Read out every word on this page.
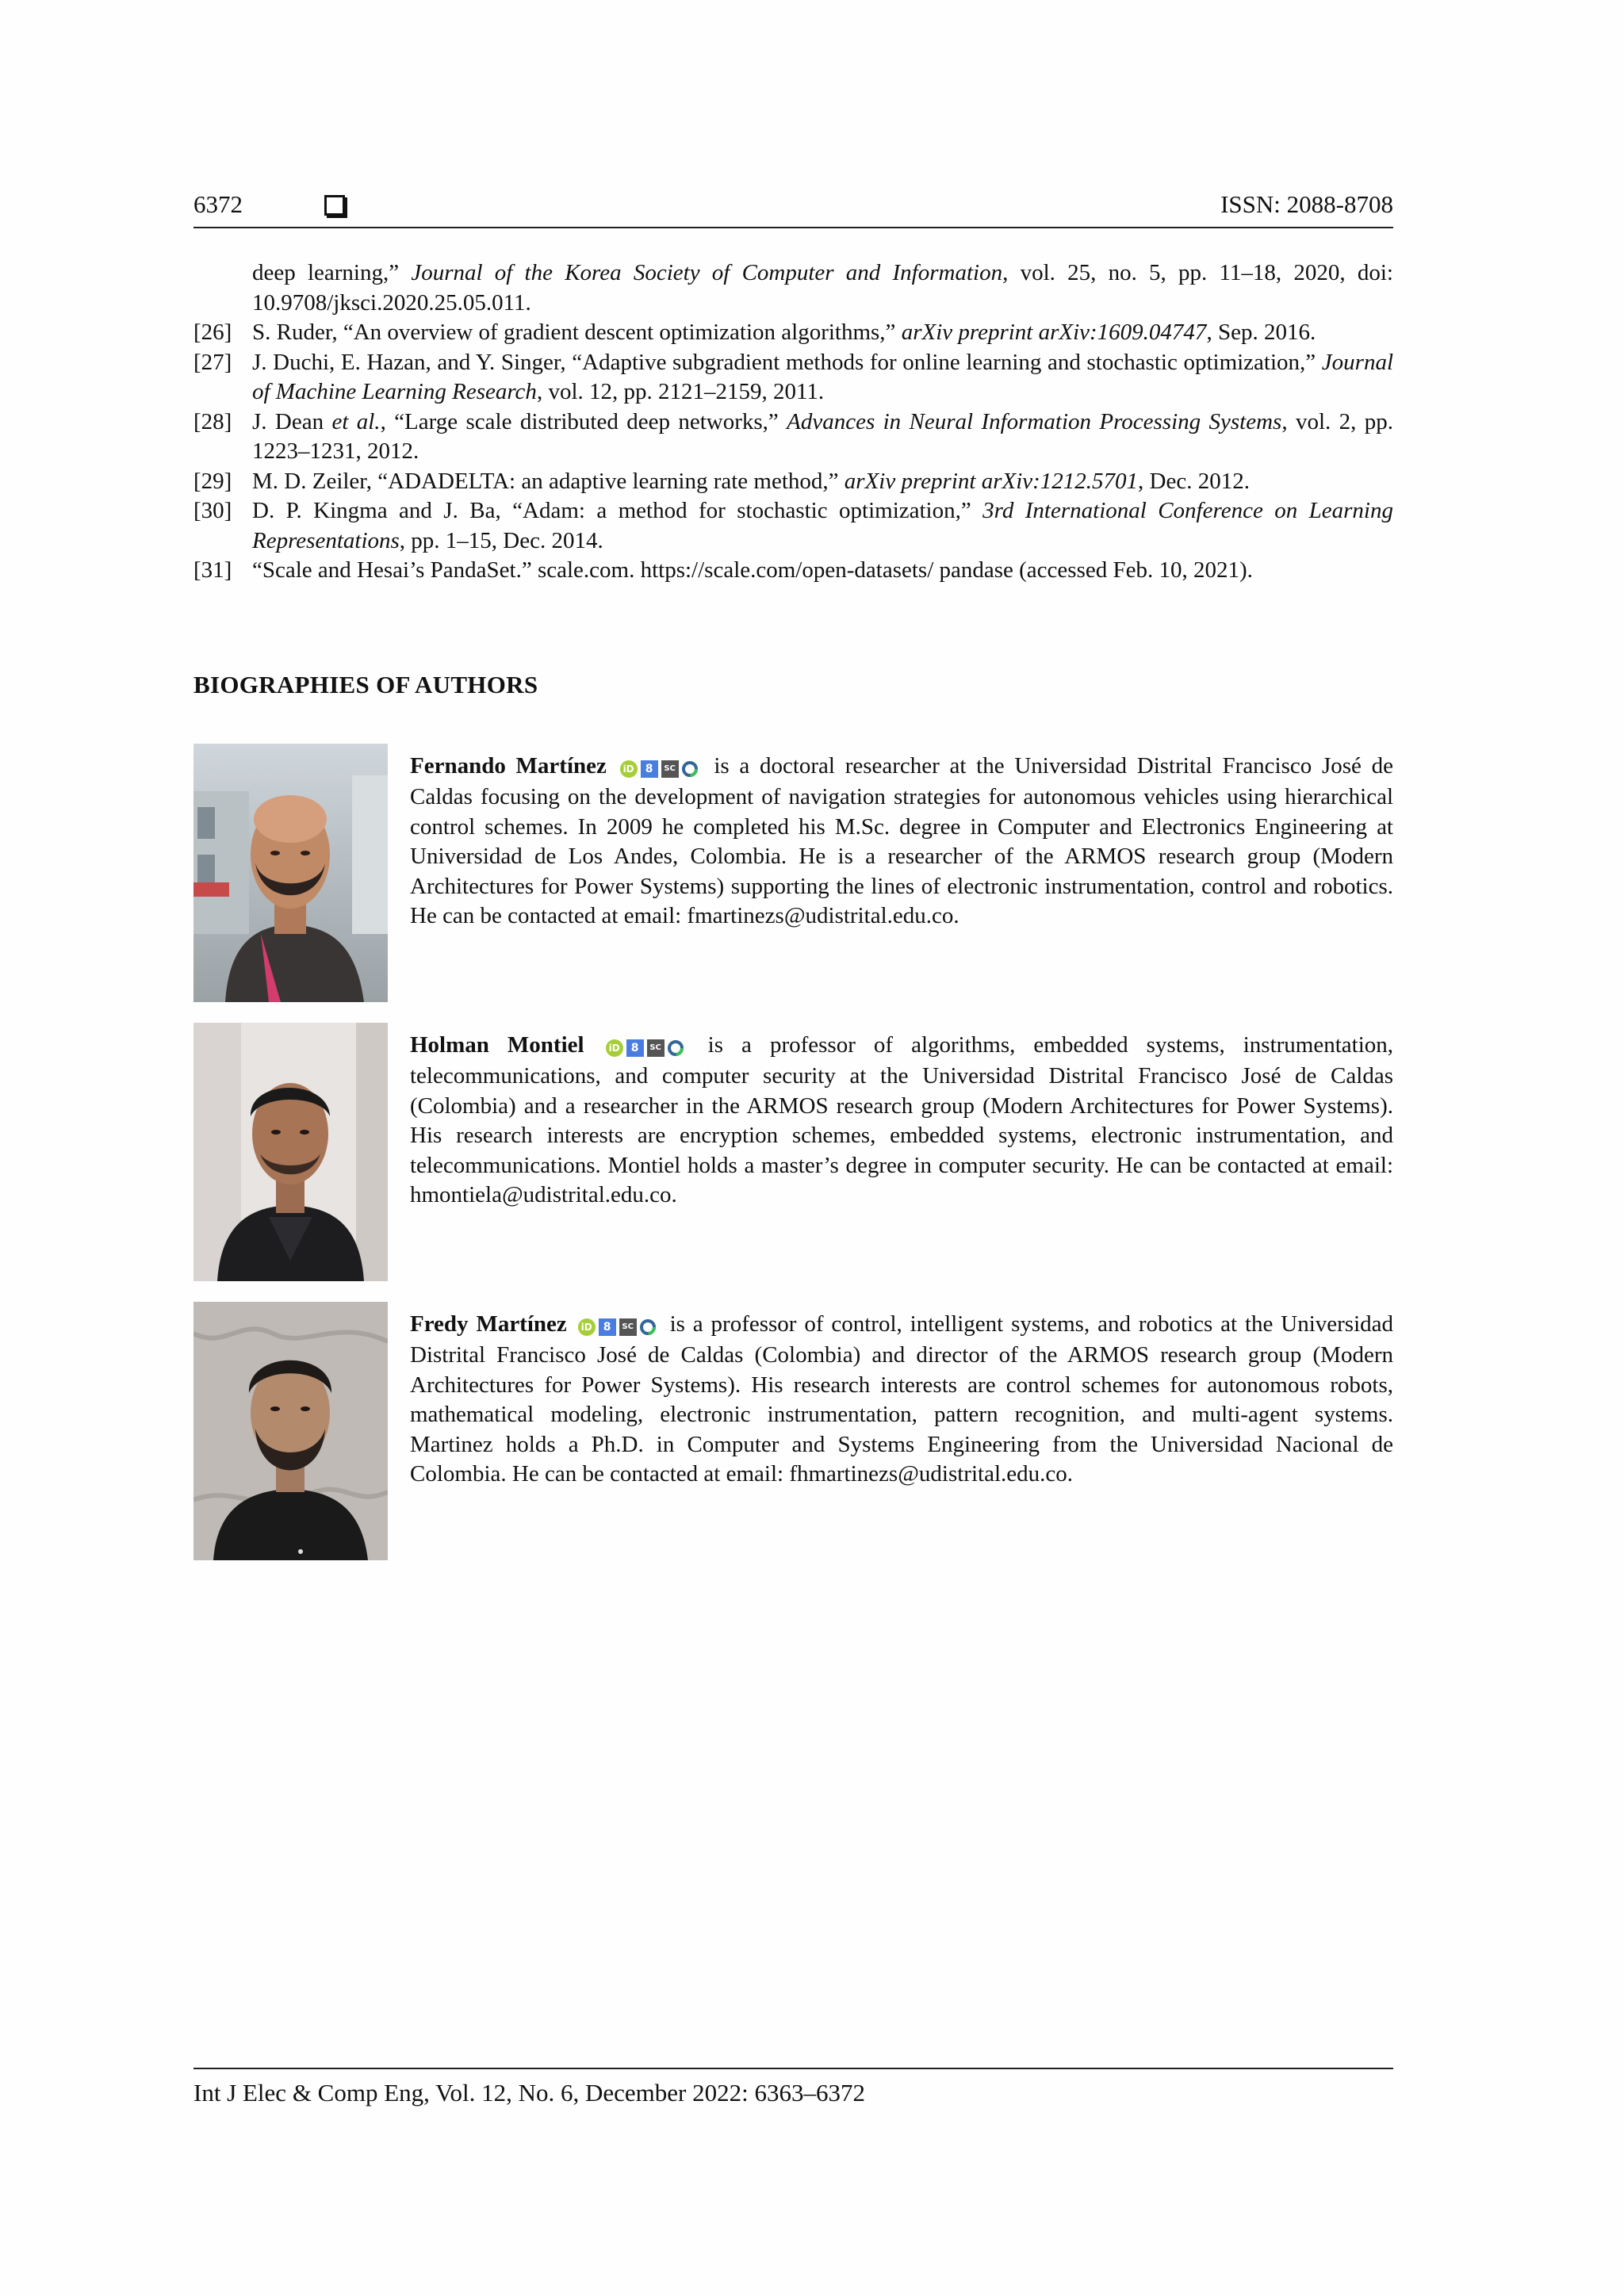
6372	ISSN: 2088-8708
deep learning,” Journal of the Korea Society of Computer and Information, vol. 25, no. 5, pp. 11–18, 2020, doi: 10.9708/jksci.2020.25.05.011.
[26] S. Ruder, “An overview of gradient descent optimization algorithms,” arXiv preprint arXiv:1609.04747, Sep. 2016.
[27] J. Duchi, E. Hazan, and Y. Singer, “Adaptive subgradient methods for online learning and stochastic optimization,” Journal of Machine Learning Research, vol. 12, pp. 2121–2159, 2011.
[28] J. Dean et al., “Large scale distributed deep networks,” Advances in Neural Information Processing Systems, vol. 2, pp. 1223–1231, 2012.
[29] M. D. Zeiler, “ADADELTA: an adaptive learning rate method,” arXiv preprint arXiv:1212.5701, Dec. 2012.
[30] D. P. Kingma and J. Ba, “Adam: a method for stochastic optimization,” 3rd International Conference on Learning Representations, pp. 1–15, Dec. 2014.
[31] “Scale and Hesai’s PandaSet.” scale.com. https://scale.com/open-datasets/ pandase (accessed Feb. 10, 2021).
BIOGRAPHIES OF AUTHORS
Fernando Martínez iD 8 SC is a doctoral researcher at the Universidad Distrital Francisco José de Caldas focusing on the development of navigation strategies for autonomous vehicles using hierarchical control schemes. In 2009 he completed his M.Sc. degree in Computer and Electronics Engineering at Universidad de Los Andes, Colombia. He is a researcher of the ARMOS research group (Modern Architectures for Power Systems) supporting the lines of electronic instrumentation, control and robotics. He can be contacted at email: fmartinezs@udistrital.edu.co.
Holman Montiel	iD 8 SC is a professor of algorithms, embedded systems, instrumentation, telecommunications, and computer security at the Universidad Distrital Francisco José de Caldas (Colombia) and a researcher in the ARMOS research group (Modern Architectures for Power Systems). His research interests are encryption schemes, embedded systems, electronic instrumentation, and telecommunications. Montiel holds a master’s degree in computer security. He can be contacted at email: hmontiela@udistrital.edu.co.
Fredy Martínez iD 8 SC is a professor of control, intelligent systems, and robotics at the Universidad Distrital Francisco José de Caldas (Colombia) and director of the ARMOS research group (Modern Architectures for Power Systems). His research interests are control schemes for autonomous robots, mathematical modeling, electronic instrumentation, pattern recognition, and multi-agent systems. Martinez holds a Ph.D. in Computer and Systems Engineering from the Universidad Nacional de Colombia. He can be contacted at email: fhmartinezs@udistrital.edu.co.
Int J Elec & Comp Eng, Vol. 12, No. 6, December 2022: 6363–6372
